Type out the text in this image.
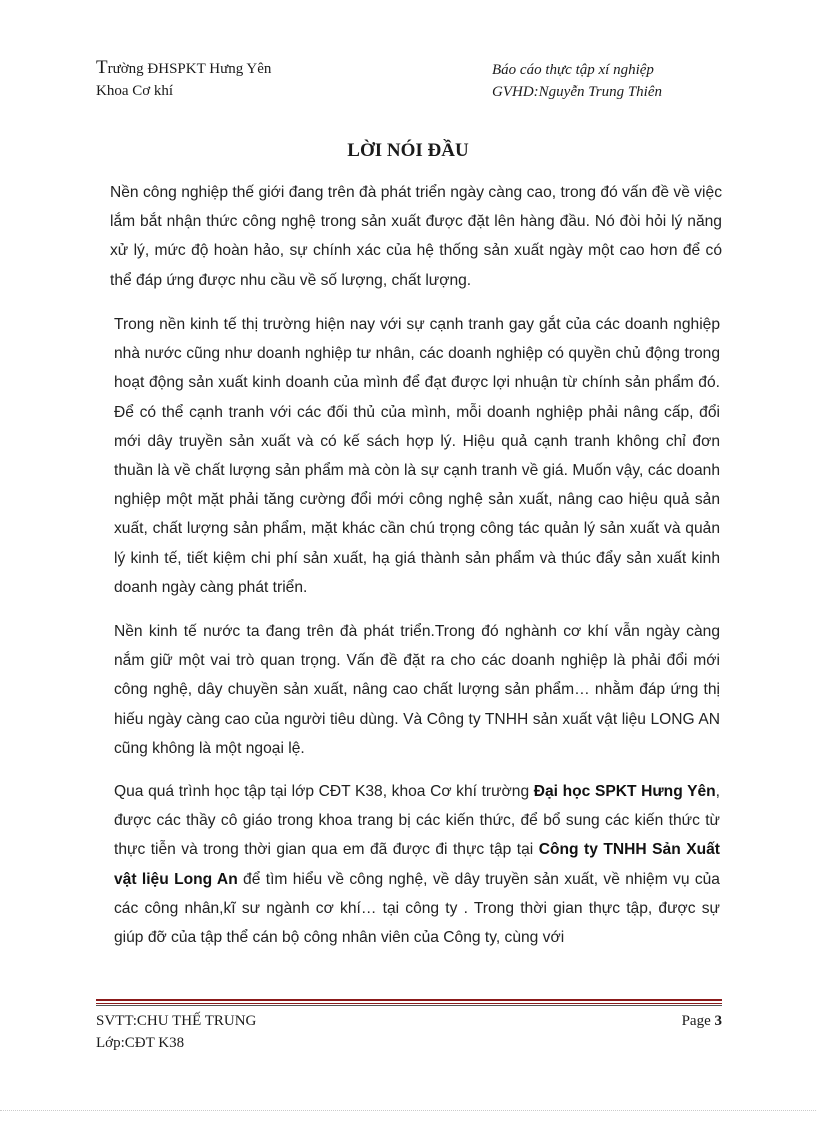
Trường ĐHSPKT Hưng Yên
Khoa Cơ khí
Báo cáo thực tập xí nghiệp
GVHD:Nguyễn Trung Thiên
LỜI NÓI ĐẦU

Nền công nghiệp thế giới đang trên đà phát triển ngày càng cao, trong đó vấn đề về việc lắm bắt nhận thức công nghệ trong sản xuất được đặt lên hàng đầu. Nó đòi hỏi lý năng xử lý, mức độ hoàn hảo, sự chính xác của hệ thống sản xuất ngày một cao hơn để có thể đáp ứng được nhu cầu về số lượng, chất lượng.

Trong nền kinh tế thị trường hiện nay với sự cạnh tranh gay gắt của các doanh nghiệp nhà nước cũng như doanh nghiệp tư nhân, các doanh nghiệp có quyền chủ động trong hoạt động sản xuất kinh doanh của mình để đạt được lợi nhuận từ chính sản phẩm đó. Để có thể cạnh tranh với các đối thủ của mình, mỗi doanh nghiệp phải nâng cấp, đổi mới dây truyền sản xuất và có kế sách hợp lý. Hiệu quả cạnh tranh không chỉ đơn thuần là về chất lượng sản phẩm mà còn là sự cạnh tranh về giá. Muốn vậy, các doanh nghiệp một mặt phải tăng cường đổi mới công nghệ sản xuất, nâng cao hiệu quả sản xuất, chất lượng sản phẩm, mặt khác cần chú trọng công tác quản lý sản xuất và quản lý kinh tế, tiết kiệm chi phí sản xuất, hạ giá thành sản phẩm và thúc đẩy sản xuất kinh doanh ngày càng phát triển.

Nền kinh tế nước ta đang trên đà phát triển.Trong đó nghành cơ khí vẫn ngày càng nắm giữ một vai trò quan trọng. Vấn đề đặt ra cho các doanh nghiệp là phải đổi mới công nghệ, dây chuyền sản xuất, nâng cao chất lượng sản phẩm… nhằm đáp ứng thị hiếu ngày càng cao của người tiêu dùng. Và Công ty TNHH sản xuất vật liệu LONG AN cũng không là một ngoại lệ.

Qua quá trình học tập tại lớp CĐT K38, khoa Cơ khí trường Đại học SPKT Hưng Yên, được các thầy cô giáo trong khoa trang bị các kiến thức, để bổ sung các kiến thức từ thực tiễn và trong thời gian qua em đã được đi thực tập tại Công ty TNHH Sản Xuất vật liệu Long An để tìm hiểu về công nghệ, về dây truyền sản xuất, về nhiệm vụ của các công nhân,kĩ sư ngành cơ khí… tại công ty . Trong thời gian thực tập, được sự giúp đỡ của tập thể cán bộ công nhân viên của Công ty, cùng với

SVTT:CHU THẾ TRUNG
Lớp:CĐT K38
Page 3
